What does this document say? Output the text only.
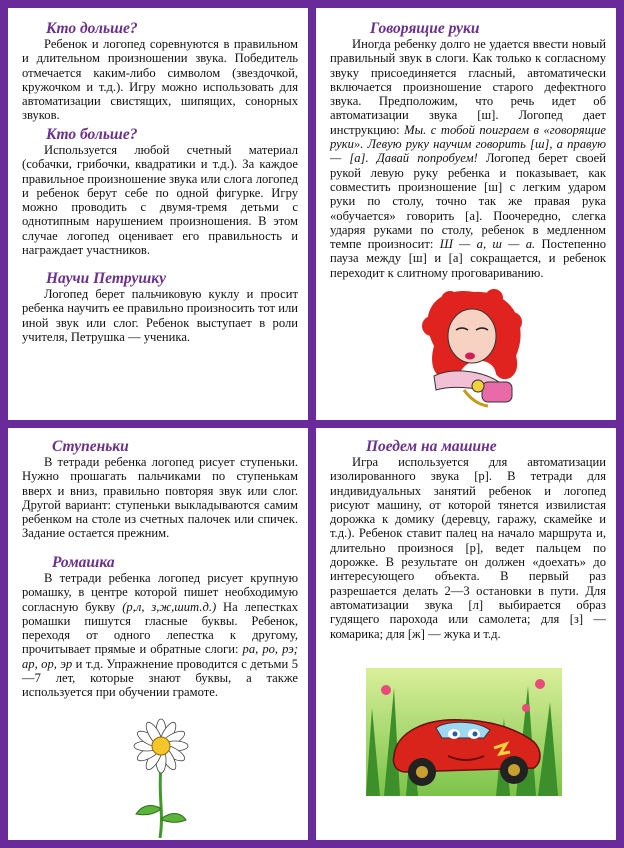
Кто дольше?

Ребенок и логопед соревнуются в правильном и длительном произношении звука. Победитель отмечается каким-либо символом (звездочкой, кружочком и т.д.). Игру можно использовать для автоматизации свистящих, шипящих, сонорных звуков.

Кто больше?

Используется любой счетный материал (собачки, грибочки, квадратики и т.д.). За каждое правильное произношение звука или слога логопед и ребенок берут себе по одной фигурке. Игру можно проводить с двумя-тремя детьми с однотипным нарушением произношения. В этом случае логопед оценивает его правильность и награждает участников.

Научи Петрушку

Логопед берет пальчиковую куклу и просит ребенка научить ее правильно произносить тот или иной звук или слог. Ребенок выступает в роли учителя, Петрушка — ученика.

Говорящие руки

Иногда ребенку долго не удается ввести новый правильный звук в слоги. Как только к согласному звуку присоединяется гласный, автоматически включается произношение старого дефектного звука. Предположим, что речь идет об автоматизации звука [ш]. Логопед дает инструкцию: Мы. с тобой поиграем в «говорящие руки». Левую руку научим говорить [ш], а правую — [а]. Давай попробуем! Логопед берет своей рукой левую руку ребенка и показывает, как совместить произношение [ш] с легким ударом руки по столу, точно так же правая рука «обучается» говорить [а]. Поочередно, слегка ударяя руками по столу, ребенок в медленном темпе произносит: Ш — а, ш — а. Постепенно пауза между [ш] и [а] сокращается, и ребенок переходит к слитному проговариванию.

Ступеньки

В тетради ребенка логопед рисует ступеньки. Нужно прошагать пальчиками по ступенькам вверх и вниз, правильно повторяя звук или слог. Другой вариант: ступеньки выкладываются самим ребенком на столе из счетных палочек или спичек. Задание остается прежним.

Ромашка

В тетради ребенка логопед рисует крупную ромашку, в центре которой пишет необходимую согласную букву (р,л, з,ж,шит.д.) На лепестках ромашки пишутся гласные буквы. Ребенок, переходя от одного лепестка к другому, прочитывает прямые и обратные слоги: ра, ро, рэ; ар, ор, эр и т.д. Упражнение проводится с детьми 5—7 лет, которые знают буквы, а также используется при обучении грамоте.

Поедем на машине

Игра используется для автоматизации изолированного звука [р]. В тетради для индивидуальных занятий ребенок и логопед рисуют машину, от которой тянется извилистая дорожка к домику (деревцу, гаражу, скамейке и т.д.). Ребенок ставит палец на начало маршрута и, длительно произнося [р], ведет пальцем по дорожке. В результате он должен «доехать» до интересующего объекта. В первый раз разрешается делать 2—3 остановки в пути. Для автоматизации звука [л] выбирается образ гудящего парохода или самолета; для [з] — комарика; для [ж] — жука и т.д.
